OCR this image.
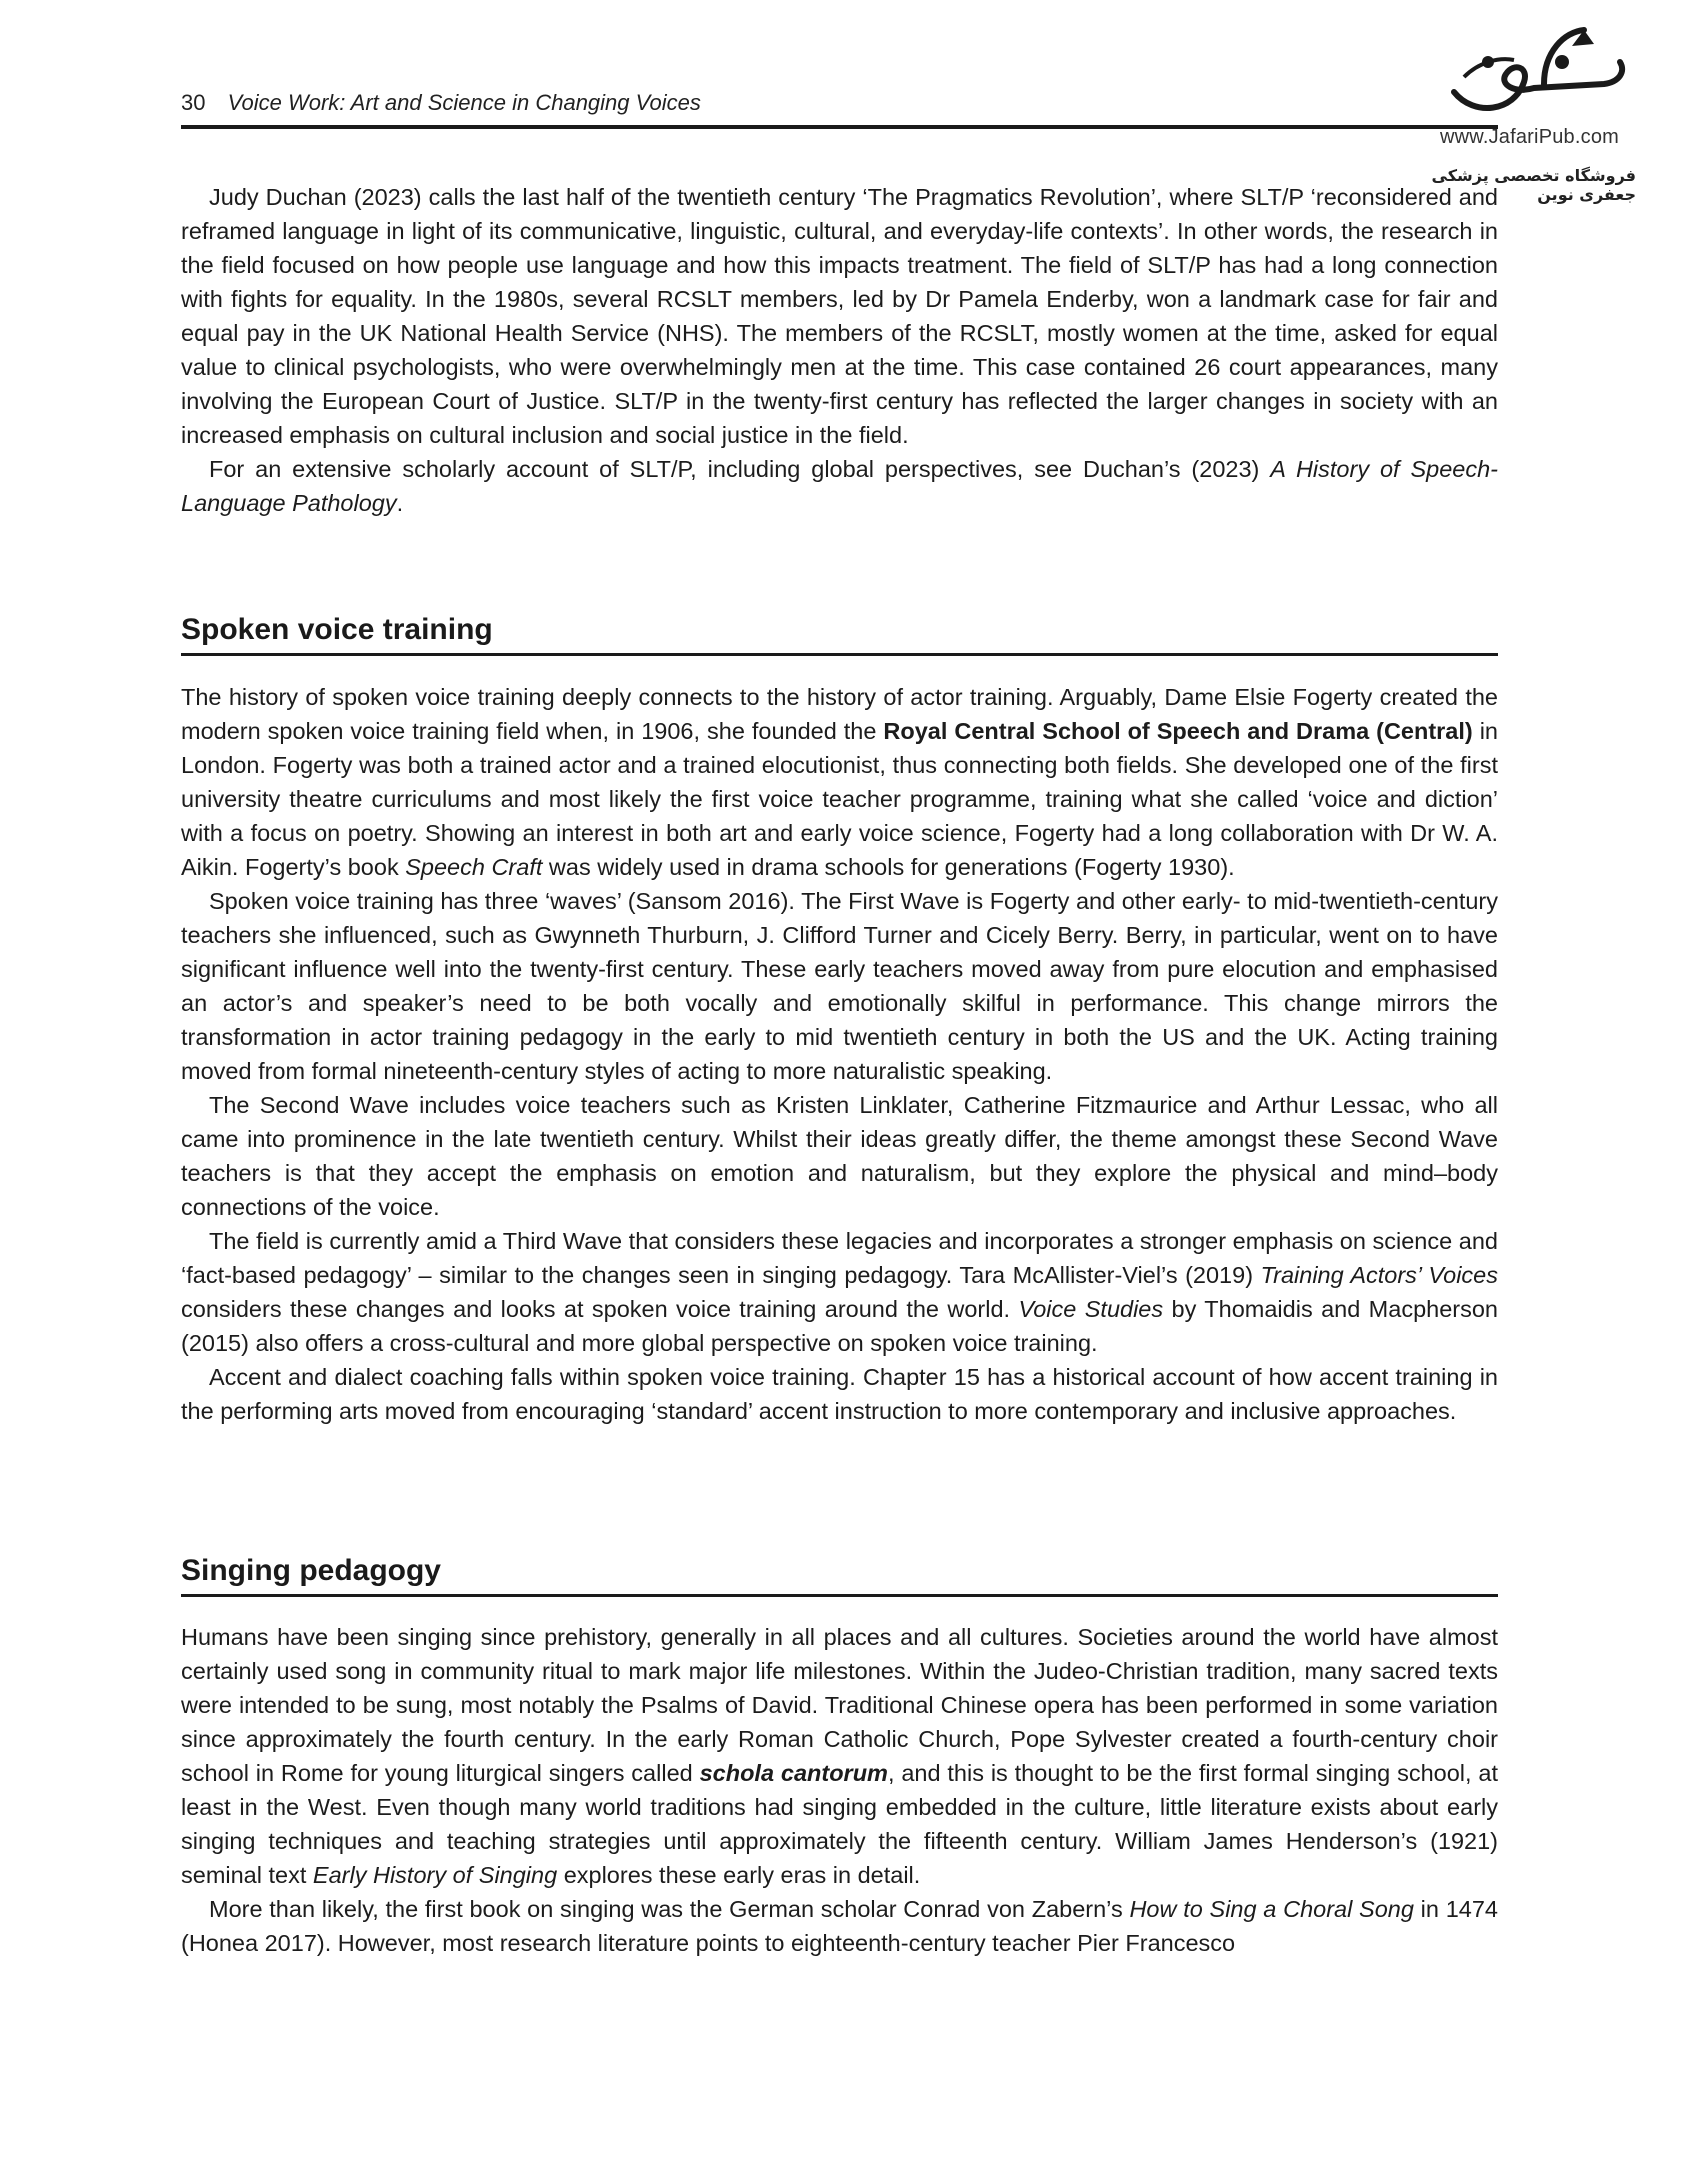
30 Voice Work: Art and Science in Changing Voices
www.JafariPub.com
فروشگاه تخصصی پزشکی جعفری نوین

Judy Duchan (2023) calls the last half of the twentieth century ‘The Pragmatics Revolution’, where SLT/P ‘reconsidered and reframed language in light of its communicative, linguistic, cultural, and everyday-life contexts’. In other words, the research in the field focused on how people use language and how this impacts treatment. The field of SLT/P has had a long connection with fights for equality. In the 1980s, several RCSLT members, led by Dr Pamela Enderby, won a landmark case for fair and equal pay in the UK National Health Service (NHS). The members of the RCSLT, mostly women at the time, asked for equal value to clinical psychologists, who were overwhelmingly men at the time. This case contained 26 court appearances, many involving the European Court of Justice. SLT/P in the twenty-first century has reflected the larger changes in society with an increased emphasis on cultural inclusion and social justice in the field.

For an extensive scholarly account of SLT/P, including global perspectives, see Duchan’s (2023) A History of Speech-Language Pathology.

Spoken voice training

The history of spoken voice training deeply connects to the history of actor training. Arguably, Dame Elsie Fogerty created the modern spoken voice training field when, in 1906, she founded the Royal Central School of Speech and Drama (Central) in London. Fogerty was both a trained actor and a trained elocutionist, thus connecting both fields. She developed one of the first university theatre curriculums and most likely the first voice teacher programme, training what she called ‘voice and diction’ with a focus on poetry. Showing an interest in both art and early voice science, Fogerty had a long collaboration with Dr W. A. Aikin. Fogerty’s book Speech Craft was widely used in drama schools for generations (Fogerty 1930).

Spoken voice training has three ‘waves’ (Sansom 2016). The First Wave is Fogerty and other early- to mid-twentieth-century teachers she influenced, such as Gwynneth Thurburn, J. Clifford Turner and Cicely Berry. Berry, in particular, went on to have significant influence well into the twenty-first century. These early teachers moved away from pure elocution and emphasised an actor’s and speaker’s need to be both vocally and emotionally skilful in performance. This change mirrors the transformation in actor training pedagogy in the early to mid twentieth century in both the US and the UK. Acting training moved from formal nineteenth-century styles of acting to more naturalistic speaking.

The Second Wave includes voice teachers such as Kristen Linklater, Catherine Fitzmaurice and Arthur Lessac, who all came into prominence in the late twentieth century. Whilst their ideas greatly differ, the theme amongst these Second Wave teachers is that they accept the emphasis on emotion and naturalism, but they explore the physical and mind–body connections of the voice.

The field is currently amid a Third Wave that considers these legacies and incorporates a stronger emphasis on science and ‘fact-based pedagogy’ – similar to the changes seen in singing pedagogy. Tara McAllister-Viel’s (2019) Training Actors’ Voices considers these changes and looks at spoken voice training around the world. Voice Studies by Thomaidis and Macpherson (2015) also offers a cross-cultural and more global perspective on spoken voice training.

Accent and dialect coaching falls within spoken voice training. Chapter 15 has a historical account of how accent training in the performing arts moved from encouraging ‘standard’ accent instruction to more contemporary and inclusive approaches.

Singing pedagogy

Humans have been singing since prehistory, generally in all places and all cultures. Societies around the world have almost certainly used song in community ritual to mark major life milestones. Within the Judeo-Christian tradition, many sacred texts were intended to be sung, most notably the Psalms of David. Traditional Chinese opera has been performed in some variation since approximately the fourth century. In the early Roman Catholic Church, Pope Sylvester created a fourth-century choir school in Rome for young liturgical singers called schola cantorum, and this is thought to be the first formal singing school, at least in the West. Even though many world traditions had singing embedded in the culture, little literature exists about early singing techniques and teaching strategies until approximately the fifteenth century. William James Henderson’s (1921) seminal text Early History of Singing explores these early eras in detail.

More than likely, the first book on singing was the German scholar Conrad von Zabern’s How to Sing a Choral Song in 1474 (Honea 2017). However, most research literature points to eighteenth-century teacher Pier Francesco
